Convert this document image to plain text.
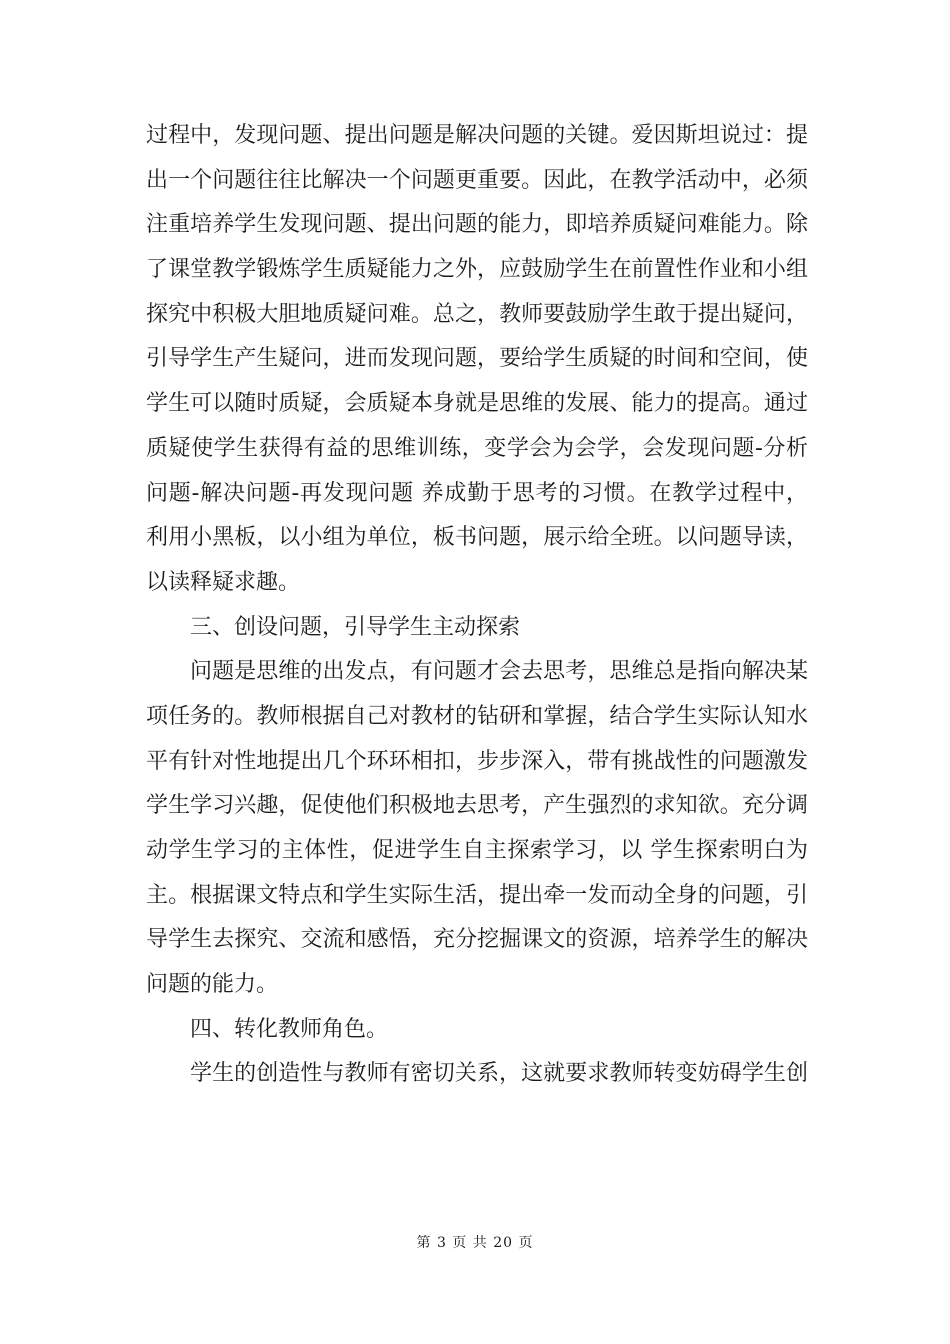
过程中，发现问题、提出问题是解决问题的关键。爱因斯坦说过：提
出一个问题往往比解决一个问题更重要。因此，在教学活动中，必须
注重培养学生发现问题、提出问题的能力，即培养质疑问难能力。除
了课堂教学锻炼学生质疑能力之外，应鼓励学生在前置性作业和小组
探究中积极大胆地质疑问难。总之，教师要鼓励学生敢于提出疑问，
引导学生产生疑问，进而发现问题，要给学生质疑的时间和空间，使
学生可以随时质疑，会质疑本身就是思维的发展、能力的提高。通过
质疑使学生获得有益的思维训练，变学会为会学，会发现问题-分析
问题-解决问题-再发现问题 养成勤于思考的习惯。在教学过程中，
利用小黑板，以小组为单位，板书问题，展示给全班。以问题导读，
以读释疑求趣。
三、创设问题，引导学生主动探索
问题是思维的出发点，有问题才会去思考，思维总是指向解决某
项任务的。教师根据自己对教材的钻研和掌握，结合学生实际认知水
平有针对性地提出几个环环相扣，步步深入，带有挑战性的问题激发
学生学习兴趣，促使他们积极地去思考，产生强烈的求知欲。充分调
动学生学习的主体性，促进学生自主探索学习，以 学生探索明白为
主。根据课文特点和学生实际生活，提出牵一发而动全身的问题，引
导学生去探究、交流和感悟，充分挖掘课文的资源，培养学生的解决
问题的能力。
四、转化教师角色。
学生的创造性与教师有密切关系，这就要求教师转变妨碍学生创
第 3 页 共 20 页
